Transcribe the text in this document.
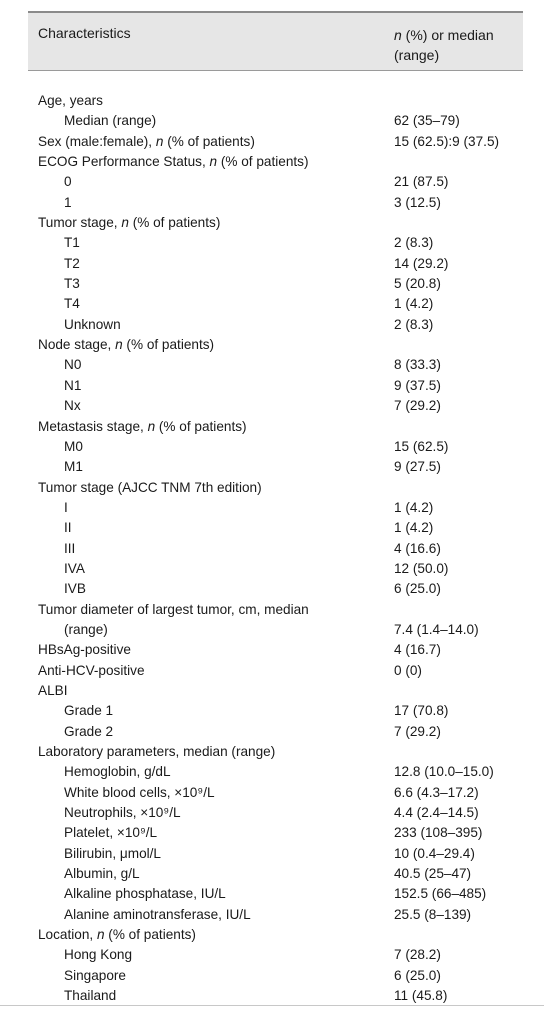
Characteristics	n (%) or median
(range)
Age, years
Median (range)	62 (35–79)
Sex (male:female), n (% of patients)	15 (62.5):9 (37.5)
ECOG Performance Status, n (% of patients)
0	21 (87.5)
1	3 (12.5)
Tumor stage, n (% of patients)
T1	2 (8.3)
T2	14 (29.2)
T3	5 (20.8)
T4	1 (4.2)
Unknown	2 (8.3)
Node stage, n (% of patients)
N0	8 (33.3)
N1	9 (37.5)
Nx	7 (29.2)
Metastasis stage, n (% of patients)
M0	15 (62.5)
M1	9 (27.5)
Tumor stage (AJCC TNM 7th edition)
I	1 (4.2)
II	1 (4.2)
III	4 (16.6)
IVA	12 (50.0)
IVB	6 (25.0)
Tumor diameter of largest tumor, cm, median
(range)	7.4 (1.4–14.0)
HBsAg-positive	4 (16.7)
Anti-HCV-positive	0 (0)
ALBI
Grade 1	17 (70.8)
Grade 2	7 (29.2)
Laboratory parameters, median (range)
Hemoglobin, g/dL	12.8 (10.0–15.0)
White blood cells, ×10⁹/L	6.6 (4.3–17.2)
Neutrophils, ×10⁹/L	4.4 (2.4–14.5)
Platelet, ×10⁹/L	233 (108–395)
Bilirubin, μmol/L	10 (0.4–29.4)
Albumin, g/L	40.5 (25–47)
Alkaline phosphatase, IU/L	152.5 (66–485)
Alanine aminotransferase, IU/L	25.5 (8–139)
Location, n (% of patients)
Hong Kong	7 (28.2)
Singapore	6 (25.0)
Thailand	11 (45.8)
